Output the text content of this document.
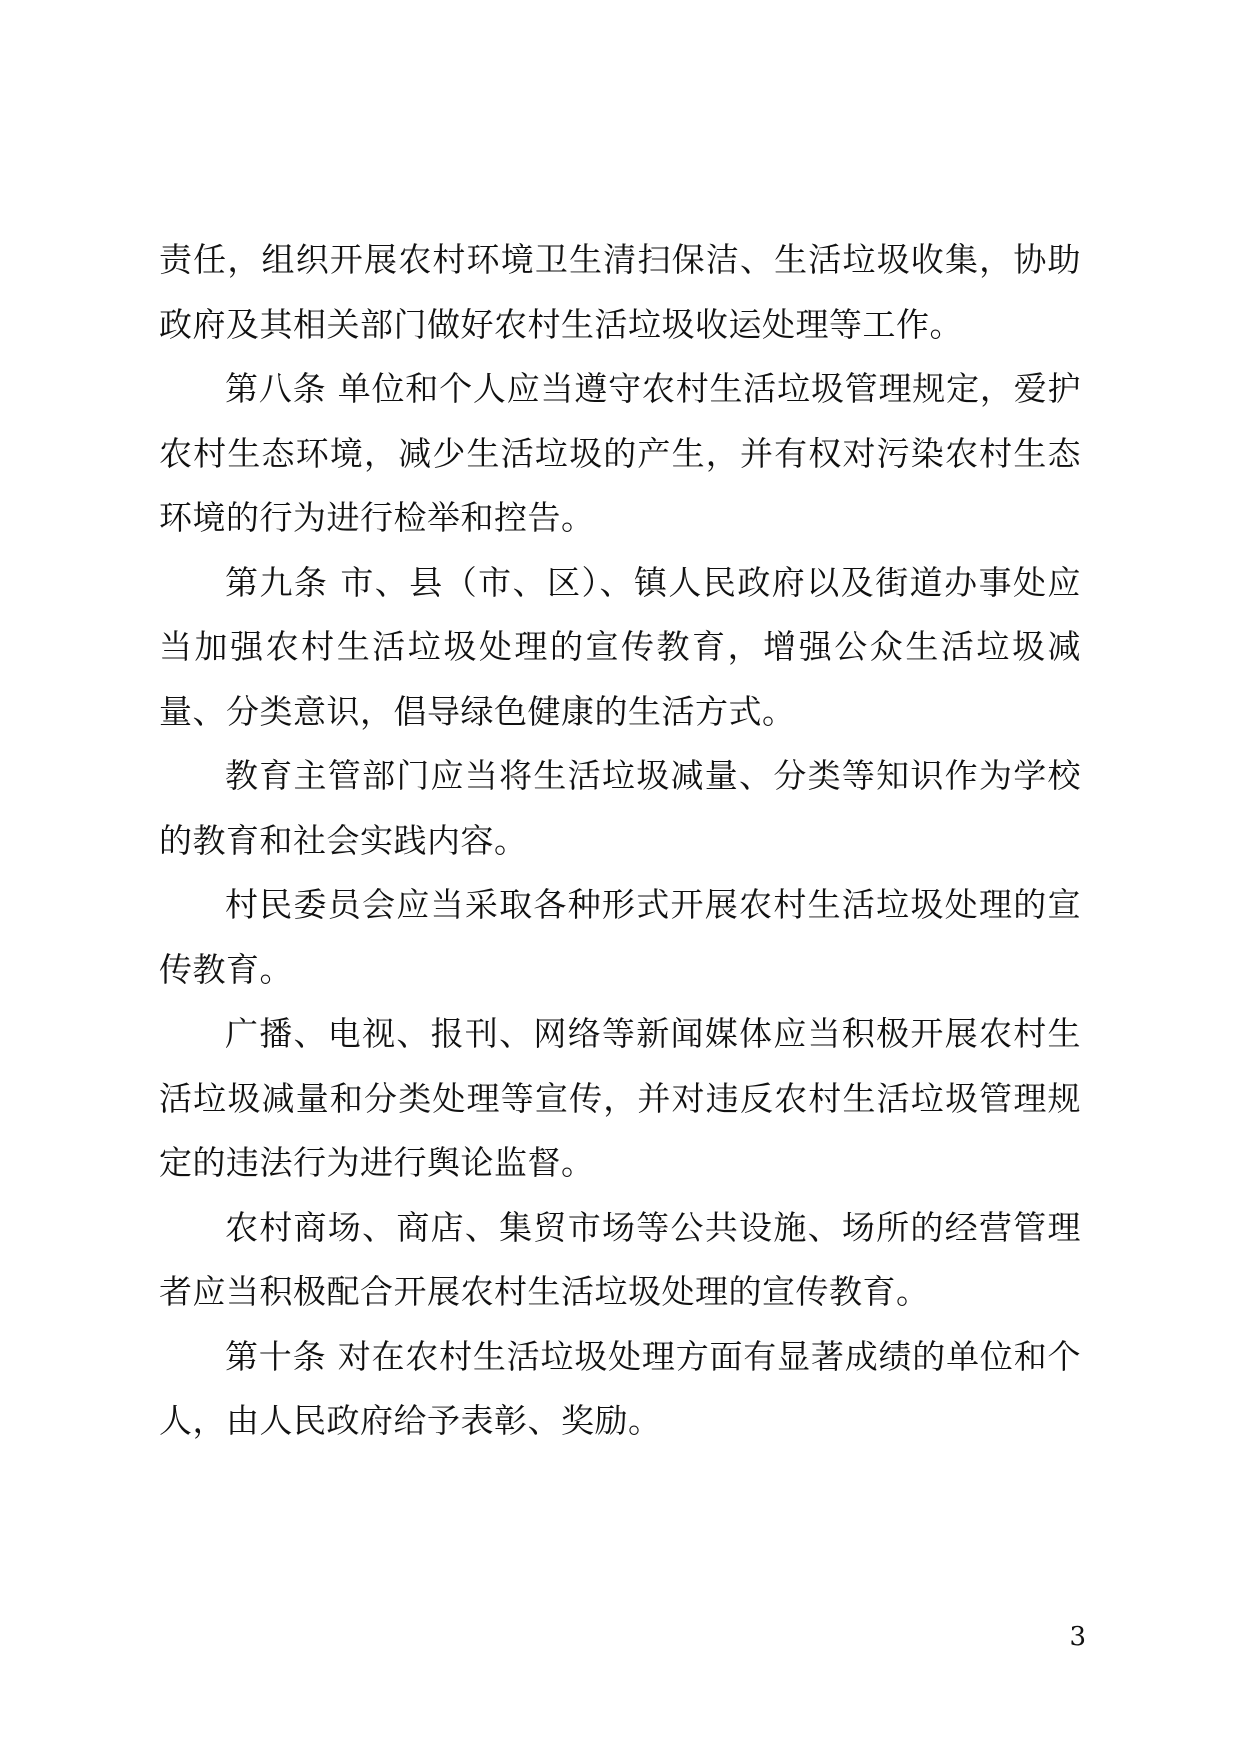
责任，组织开展农村环境卫生清扫保洁、生活垃圾收集，协助政府及其相关部门做好农村生活垃圾收运处理等工作。

第八条 单位和个人应当遵守农村生活垃圾管理规定，爱护农村生态环境，减少生活垃圾的产生，并有权对污染农村生态环境的行为进行检举和控告。

第九条 市、县（市、区）、镇人民政府以及街道办事处应当加强农村生活垃圾处理的宣传教育，增强公众生活垃圾减量、分类意识，倡导绿色健康的生活方式。

教育主管部门应当将生活垃圾减量、分类等知识作为学校的教育和社会实践内容。

村民委员会应当采取各种形式开展农村生活垃圾处理的宣传教育。

广播、电视、报刊、网络等新闻媒体应当积极开展农村生活垃圾减量和分类处理等宣传，并对违反农村生活垃圾管理规定的违法行为进行舆论监督。

农村商场、商店、集贸市场等公共设施、场所的经营管理者应当积极配合开展农村生活垃圾处理的宣传教育。

第十条 对在农村生活垃圾处理方面有显著成绩的单位和个人，由人民政府给予表彰、奖励。

3
